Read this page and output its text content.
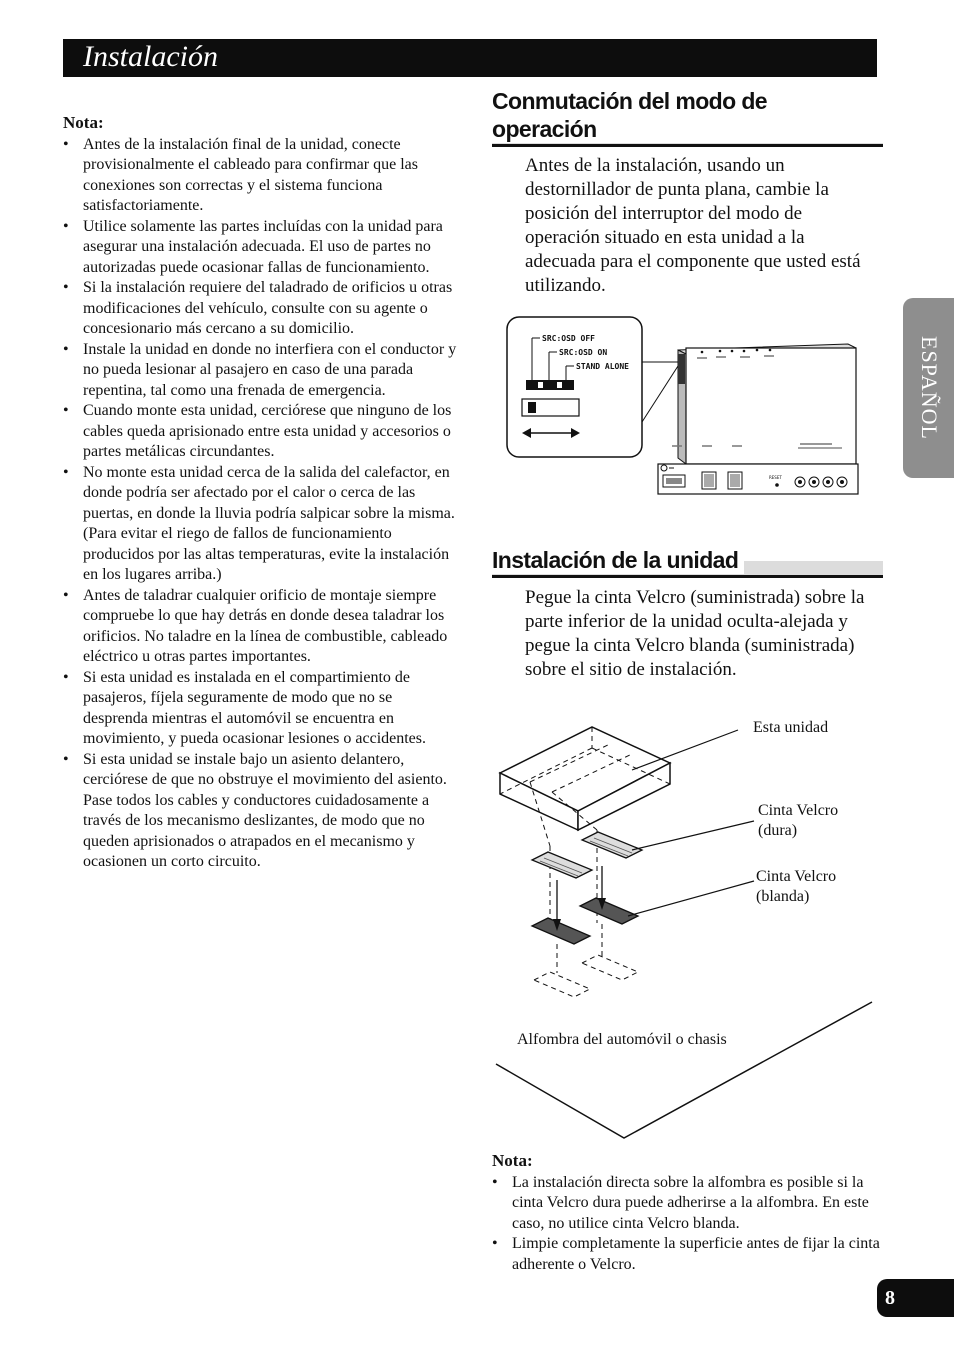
Instalación
ESPAÑOL
Nota:
• Antes de la instalación final de la unidad, conecte provisionalmente el cableado para confirmar que las conexiones son correctas y el sistema funciona satisfactoriamente.
• Utilice solamente las partes incluídas con la unidad para asegurar una instalación adecuada. El uso de partes no autorizadas puede ocasionar fallas de funcionamiento.
• Si la instalación requiere del taladrado de orificios u otras modificaciones del vehículo, consulte con su agente o concesionario más cercano a su domicilio.
• Instale la unidad en donde no interfiera con el conductor y no pueda lesionar al pasajero en caso de una parada repentina, tal como una frenada de emergencia.
• Cuando monte esta unidad, cerciórese que ninguno de los cables queda aprisionado entre esta unidad y accesorios o partes metálicas circundantes.
• No monte esta unidad cerca de la salida del calefactor, en donde podría ser afectado por el calor o cerca de las puertas, en donde la lluvia podría salpicar sobre la misma. (Para evitar el riego de fallos de funcionamiento producidos por las altas temperaturas, evite la instalación en los lugares arriba.)
• Antes de taladrar cualquier orificio de montaje siempre compruebe lo que hay detrás en donde desea taladrar los orificios. No taladre en la línea de combustible, cableado eléctrico u otras partes importantes.
• Si esta unidad es instalada en el compartimiento de pasajeros, fíjela seguramente de modo que no se desprenda mientras el automóvil se encuentra en movimiento, y pueda ocasionar lesiones o accidentes.
• Si esta unidad se instale bajo un asiento delantero, cerciórese de que no obstruye el movimiento del asiento. Pase todos los cables y conductores cuidadosamente a través de los mecanismo deslizantes, de modo que no queden aprisionados o atrapados en el mecanismo y ocasionen un corto circuito.
Conmutación del modo de operación

Antes de la instalación, usando un destornillador de punta plana, cambie la posición del interruptor del modo de operación situado en esta unidad a la adecuada para el componente que usted está utilizando.

SRC:OSD OFF
SRC:OSD ON
STAND ALONE
RESET
Instalación de la unidad

Pegue la cinta Velcro (suministrada) sobre la parte inferior de la unidad oculta-alejada y pegue la cinta Velcro blanda (suministrada) sobre el sitio de instalación.

Esta unidad
Cinta Velcro
(dura)
Cinta Velcro
(blanda)
Alfombra del automóvil o chasis
Nota:
• La instalación directa sobre la alfombra es posible si la cinta Velcro dura puede adherirse a la alfombra. En este caso, no utilice cinta Velcro blanda.
• Limpie completamente la superficie antes de fijar la cinta adherente o Velcro.
8
